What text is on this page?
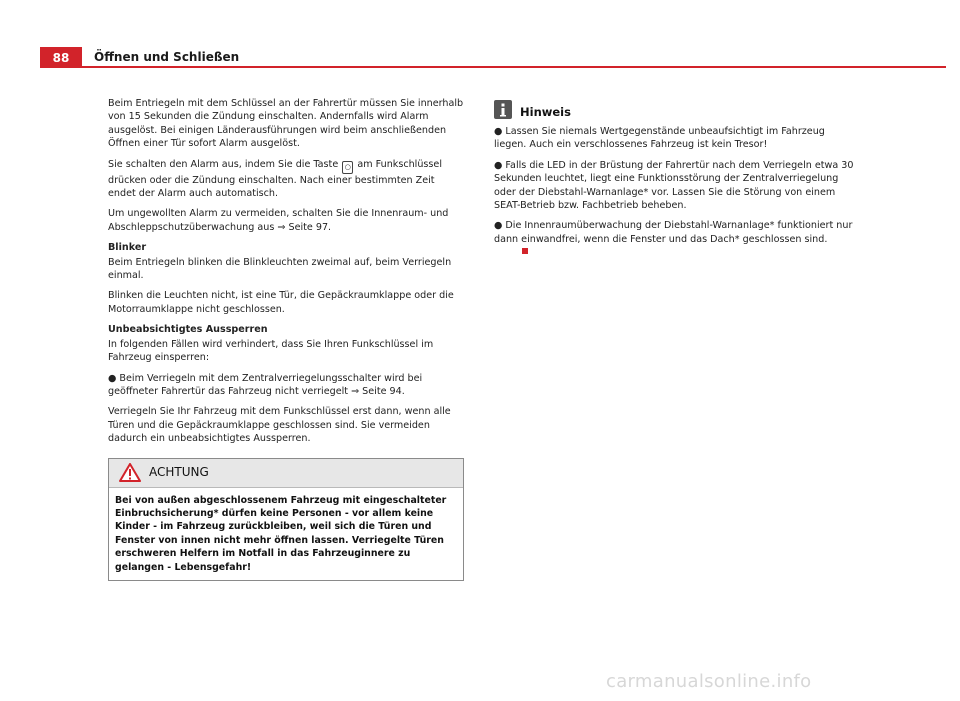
88	Öffnen und Schließen

Beim Entriegeln mit dem Schlüssel an der Fahrertür müssen Sie innerhalb von 15 Sekunden die Zündung einschalten. Andernfalls wird Alarm ausgelöst. Bei einigen Länderausführungen wird beim anschließenden Öffnen einer Tür sofort Alarm ausgelöst.

Sie schalten den Alarm aus, indem Sie die Taste ○ am Funkschlüssel drücken oder die Zündung einschalten. Nach einer bestimmten Zeit endet der Alarm auch automatisch.

Um ungewollten Alarm zu vermeiden, schalten Sie die Innenraum- und Abschleppschutzüberwachung aus ⇒ Seite 97.

Blinker

Beim Entriegeln blinken die Blinkleuchten zweimal auf, beim Verriegeln einmal.

Blinken die Leuchten nicht, ist eine Tür, die Gepäckraumklappe oder die Motorraumklappe nicht geschlossen.

Unbeabsichtigtes Aussperren

In folgenden Fällen wird verhindert, dass Sie Ihren Funkschlüssel im Fahrzeug einsperren:

● Beim Verriegeln mit dem Zentralverriegelungsschalter wird bei geöffneter Fahrertür das Fahrzeug nicht verriegelt ⇒ Seite 94.

Verriegeln Sie Ihr Fahrzeug mit dem Funkschlüssel erst dann, wenn alle Türen und die Gepäckraumklappe geschlossen sind. Sie vermeiden dadurch ein unbeabsichtigtes Aussperren.

ACHTUNG
Bei von außen abgeschlossenem Fahrzeug mit eingeschalteter Einbruchsicherung* dürfen keine Personen - vor allem keine Kinder - im Fahrzeug zurückbleiben, weil sich die Türen und Fenster von innen nicht mehr öffnen lassen. Verriegelte Türen erschweren Helfern im Notfall in das Fahrzeuginnere zu gelangen - Lebensgefahr!
Hinweis

● Lassen Sie niemals Wertgegenstände unbeaufsichtigt im Fahrzeug liegen. Auch ein verschlossenes Fahrzeug ist kein Tresor!

● Falls die LED in der Brüstung der Fahrertür nach dem Verriegeln etwa 30 Sekunden leuchtet, liegt eine Funktionsstörung der Zentralverriegelung oder der Diebstahl-Warnanlage* vor. Lassen Sie die Störung von einem SEAT-Betrieb bzw. Fachbetrieb beheben.

● Die Innenraumüberwachung der Diebstahl-Warnanlage* funktioniert nur dann einwandfrei, wenn die Fenster und das Dach* geschlossen sind.

carmanualsonline.info
